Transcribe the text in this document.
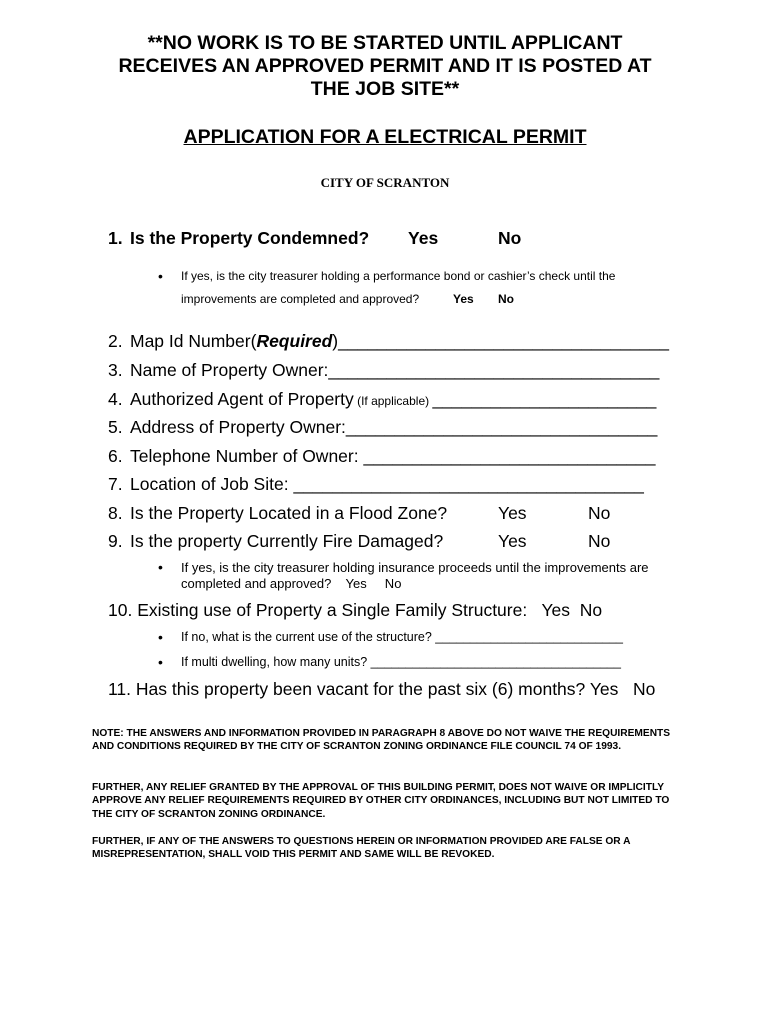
**NO WORK IS TO BE STARTED UNTIL APPLICANT
RECEIVES AN APPROVED PERMIT AND IT IS POSTED AT
THE JOB SITE**
APPLICATION FOR A ELECTRICAL PERMIT
CITY OF SCRANTON
1. Is the Property Condemned? Yes	No
• If yes, is the city treasurer holding a performance bond or cashier’s check until the
improvements are completed and approved?	Yes No
2. Map Id Number(Required)__________________________________
3. Name of Property Owner:__________________________________
4. Authorized Agent of Property (If applicable) _______________________
5. Address of Property Owner:________________________________
6. Telephone Number of Owner: ______________________________
7. Location of Job Site: ____________________________________
8. Is the Property Located in a Flood Zone?	Yes	No
9. Is the property Currently Fire Damaged?	Yes	No
• If yes, is the city treasurer holding insurance proceeds until the improvements are
completed and approved?    Yes     No
10. Existing use of Property a Single Family Structure:   Yes  No
• If no, what is the current use of the structure? ___________________________
• If multi dwelling, how many units? ____________________________________
11. Has this property been vacant for the past six (6) months? Yes   No
NOTE: THE ANSWERS AND INFORMATION PROVIDED IN PARAGRAPH 8 ABOVE DO NOT WAIVE THE REQUIREMENTS AND CONDITIONS REQUIRED BY THE CITY OF SCRANTON ZONING ORDINANCE FILE COUNCIL 74 OF 1993.
FURTHER, ANY RELIEF GRANTED BY THE APPROVAL OF THIS BUILDING PERMIT, DOES NOT WAIVE OR IMPLICITLY APPROVE ANY RELIEF REQUIREMENTS REQUIRED BY OTHER CITY ORDINANCES, INCLUDING BUT NOT LIMITED TO THE CITY OF SCRANTON ZONING ORDINANCE.
FURTHER, IF ANY OF THE ANSWERS TO QUESTIONS HEREIN OR INFORMATION PROVIDED ARE FALSE OR A MISREPRESENTATION, SHALL VOID THIS PERMIT AND SAME WILL BE REVOKED.
